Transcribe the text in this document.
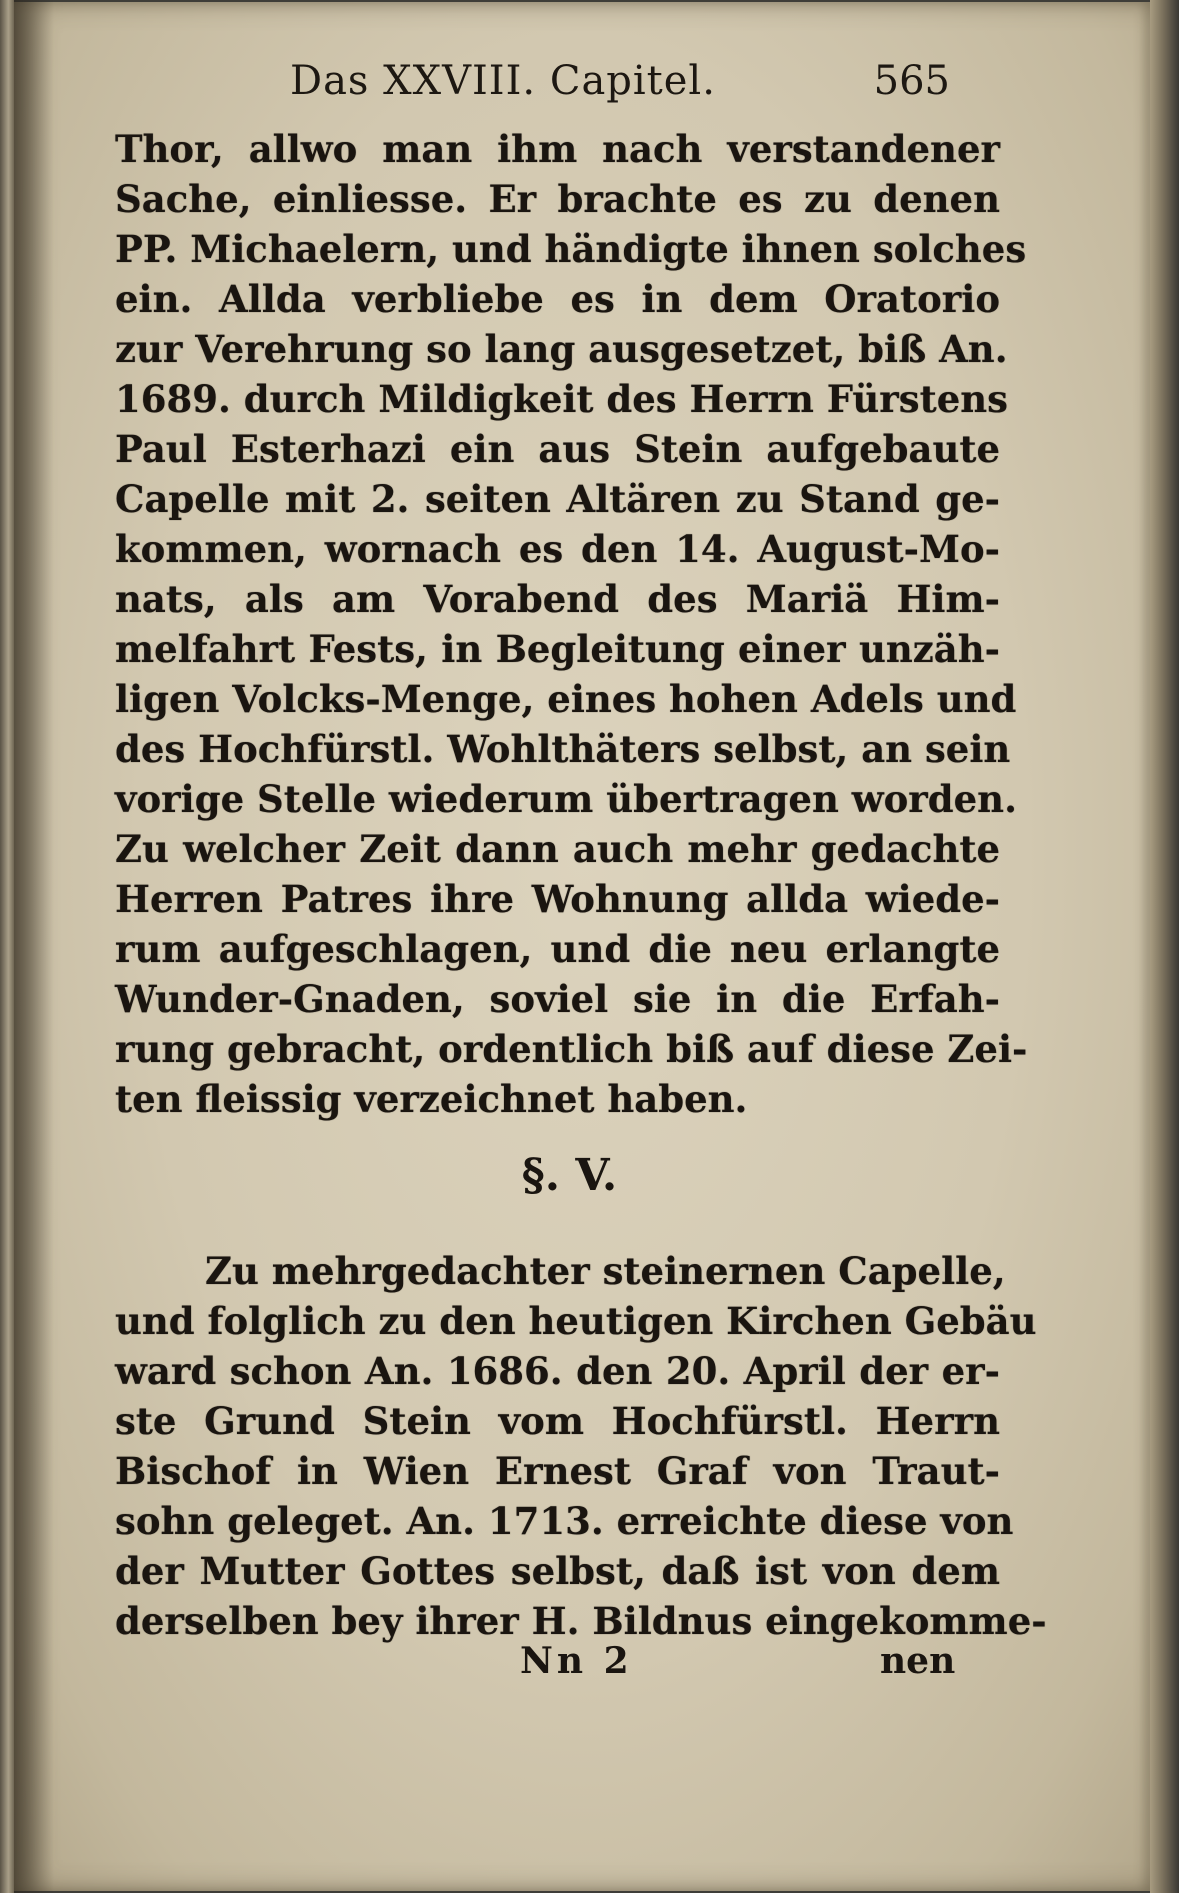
Das XXVIII. Capitel.	565
Thor, allwo man ihm nach verstandener
Sache, einliesse. Er brachte es zu denen
PP. Michaelern, und händigte ihnen solches
ein. Allda verbliebe es in dem Oratorio
zur Verehrung so lang ausgesetzet, biß An.
1689. durch Mildigkeit des Herrn Fürstens
Paul Esterhazi ein aus Stein aufgebaute
Capelle mit 2. seiten Altären zu Stand ge-
kommen, wornach es den 14. August-Mo-
nats, als am Vorabend des Mariä Him-
melfahrt Fests, in Begleitung einer unzäh-
ligen Volcks-Menge, eines hohen Adels und
des Hochfürstl. Wohlthäters selbst, an sein
vorige Stelle wiederum übertragen worden.
Zu welcher Zeit dann auch mehr gedachte
Herren Patres ihre Wohnung allda wiede-
rum aufgeschlagen, und die neu erlangte
Wunder-Gnaden, soviel sie in die Erfah-
rung gebracht, ordentlich biß auf diese Zei-
ten fleissig verzeichnet haben.
§. V.
Zu mehrgedachter steinernen Capelle,
und folglich zu den heutigen Kirchen Gebäu
ward schon An. 1686. den 20. April der er-
ste Grund Stein vom Hochfürstl. Herrn
Bischof in Wien Ernest Graf von Traut-
sohn geleget. An. 1713. erreichte diese von
der Mutter Gottes selbst, daß ist von dem
derselben bey ihrer H. Bildnus eingekomme-
Nn 2	nen
